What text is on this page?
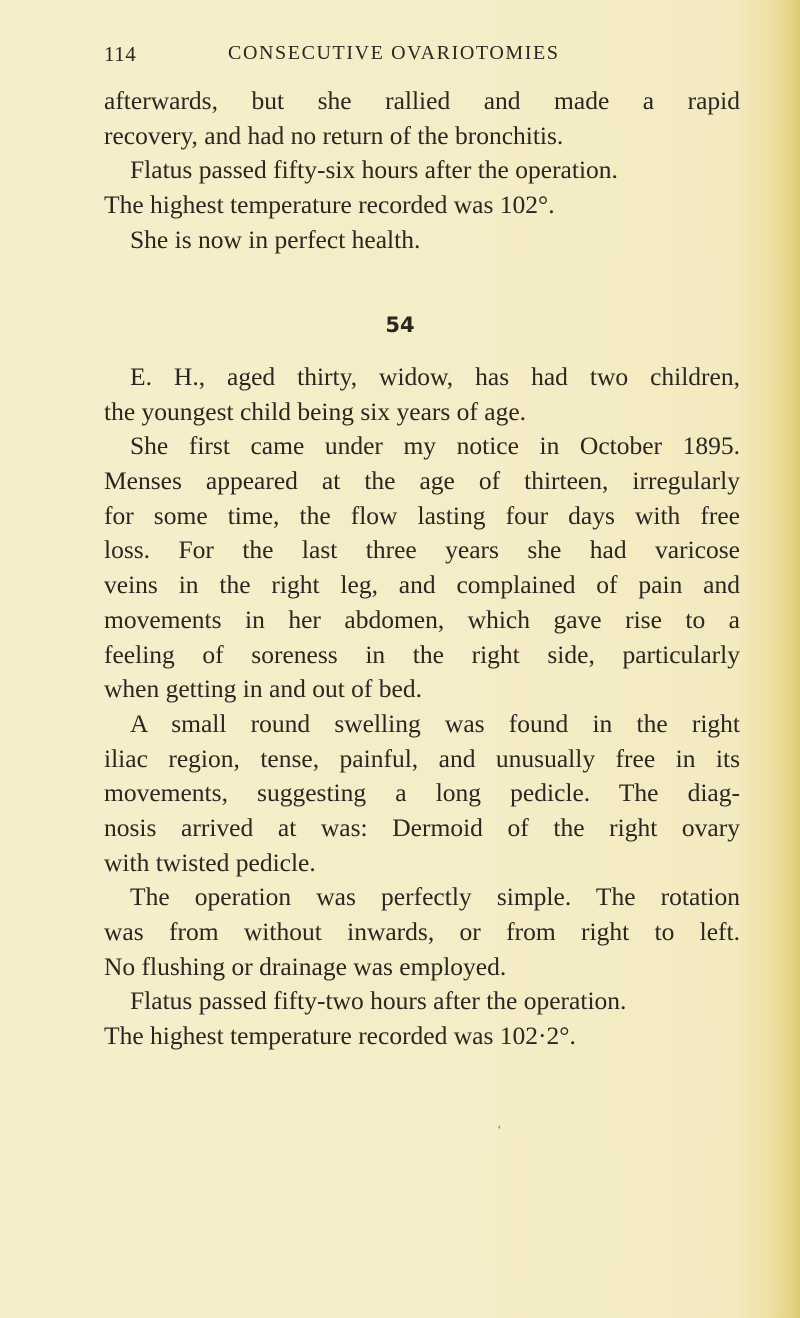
114	CONSECUTIVE OVARIOTOMIES
afterwards, but she rallied and made a rapid
recovery, and had no return of the bronchitis.
Flatus passed fifty-six hours after the operation.
The highest temperature recorded was 102°.
She is now in perfect health.
54
E. H., aged thirty, widow, has had two children,
the youngest child being six years of age.
She first came under my notice in October 1895.
Menses appeared at the age of thirteen, irregularly
for some time, the flow lasting four days with free
loss. For the last three years she had varicose
veins in the right leg, and complained of pain and
movements in her abdomen, which gave rise to a
feeling of soreness in the right side, particularly
when getting in and out of bed.
A small round swelling was found in the right
iliac region, tense, painful, and unusually free in its
movements, suggesting a long pedicle. The diag-
nosis arrived at was: Dermoid of the right ovary
with twisted pedicle.
The operation was perfectly simple. The rotation
was from without inwards, or from right to left.
No flushing or drainage was employed.
Flatus passed fifty-two hours after the operation.
The highest temperature recorded was 102·2°.
‘
